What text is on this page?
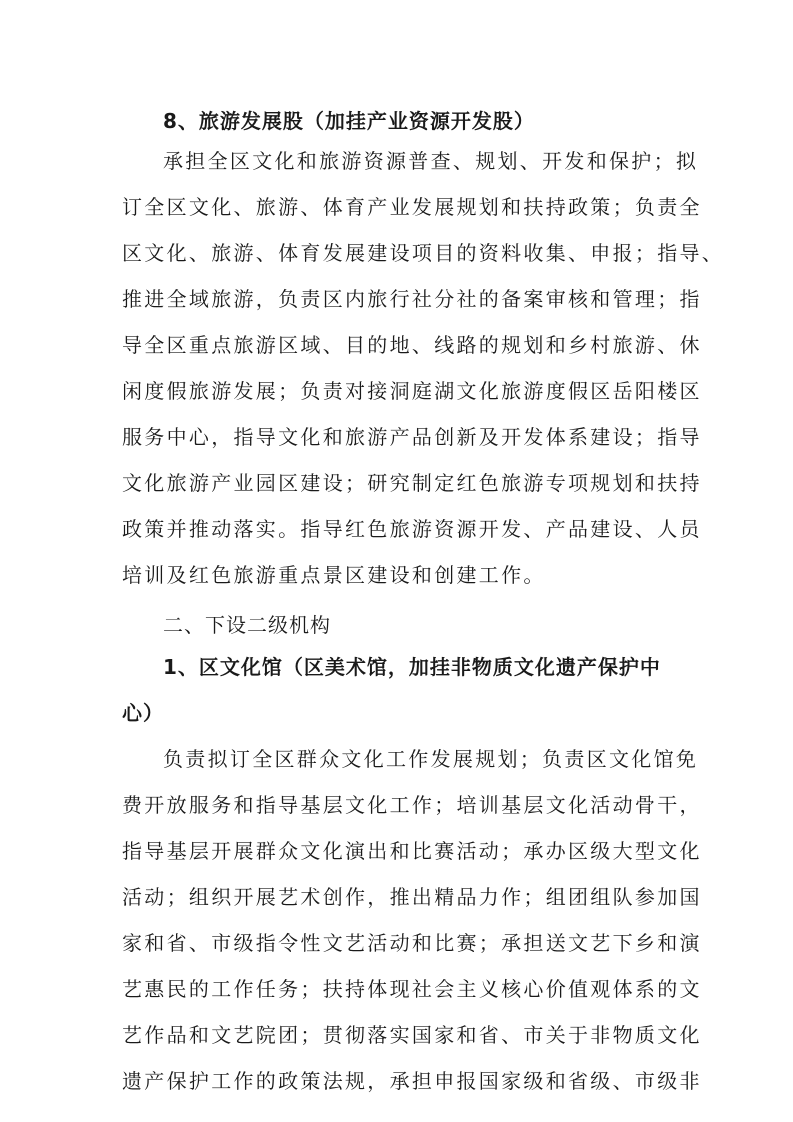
8、旅游发展股（加挂产业资源开发股）
承担全区文化和旅游资源普查、规划、开发和保护；拟
订全区文化、旅游、体育产业发展规划和扶持政策；负责全
区文化、旅游、体育发展建设项目的资料收集、申报；指导、
推进全域旅游，负责区内旅行社分社的备案审核和管理；指
导全区重点旅游区域、目的地、线路的规划和乡村旅游、休
闲度假旅游发展；负责对接洞庭湖文化旅游度假区岳阳楼区
服务中心，指导文化和旅游产品创新及开发体系建设；指导
文化旅游产业园区建设；研究制定红色旅游专项规划和扶持
政策并推动落实。指导红色旅游资源开发、产品建设、人员
培训及红色旅游重点景区建设和创建工作。
二、下设二级机构
1、区文化馆（区美术馆，加挂非物质文化遗产保护中
心）
负责拟订全区群众文化工作发展规划；负责区文化馆免
费开放服务和指导基层文化工作；培训基层文化活动骨干，
指导基层开展群众文化演出和比赛活动；承办区级大型文化
活动；组织开展艺术创作，推出精品力作；组团组队参加国
家和省、市级指令性文艺活动和比赛；承担送文艺下乡和演
艺惠民的工作任务；扶持体现社会主义核心价值观体系的文
艺作品和文艺院团；贯彻落实国家和省、市关于非物质文化
遗产保护工作的政策法规，承担申报国家级和省级、市级非
